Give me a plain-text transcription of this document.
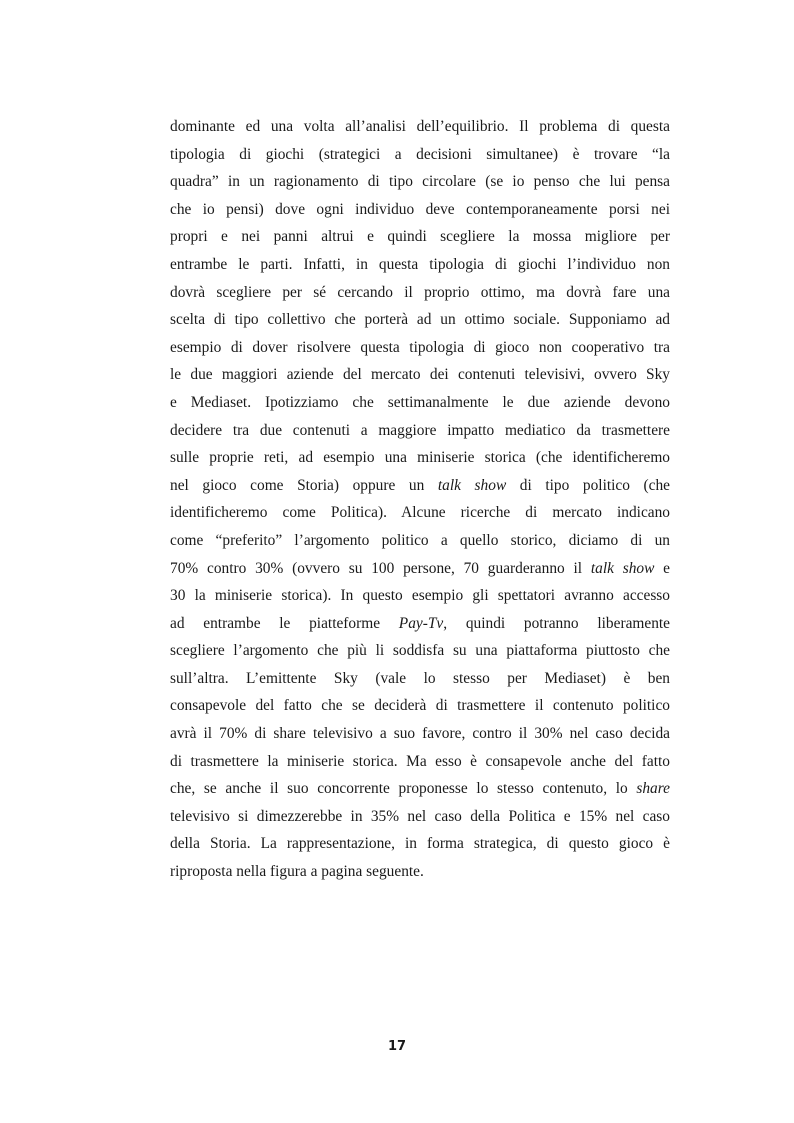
dominante ed una volta all’analisi dell’equilibrio. Il problema di questa
tipologia di giochi (strategici a decisioni simultanee) è trovare “la
quadra” in un ragionamento di tipo circolare (se io penso che lui pensa
che io pensi) dove ogni individuo deve contemporaneamente porsi nei
propri e nei panni altrui e quindi scegliere la mossa migliore per
entrambe le parti. Infatti, in questa tipologia di giochi l’individuo non
dovrà scegliere per sé cercando il proprio ottimo, ma dovrà fare una
scelta di tipo collettivo che porterà ad un ottimo sociale. Supponiamo ad
esempio di dover risolvere questa tipologia di gioco non cooperativo tra
le due maggiori aziende del mercato dei contenuti televisivi, ovvero Sky
e Mediaset. Ipotizziamo che settimanalmente le due aziende devono
decidere tra due contenuti a maggiore impatto mediatico da trasmettere
sulle proprie reti, ad esempio una miniserie storica (che identificheremo
nel gioco come Storia) oppure un talk show di tipo politico (che
identificheremo come Politica). Alcune ricerche di mercato indicano
come “preferito” l’argomento politico a quello storico, diciamo di un
70% contro 30% (ovvero su 100 persone, 70 guarderanno il talk show e
30 la miniserie storica). In questo esempio gli spettatori avranno accesso
ad entrambe le piatteforme Pay-Tv, quindi potranno liberamente
scegliere l’argomento che più li soddisfa su una piattaforma piuttosto che
sull’altra. L’emittente Sky (vale lo stesso per Mediaset) è ben
consapevole del fatto che se deciderà di trasmettere il contenuto politico
avrà il 70% di share televisivo a suo favore, contro il 30% nel caso decida
di trasmettere la miniserie storica. Ma esso è consapevole anche del fatto
che, se anche il suo concorrente proponesse lo stesso contenuto, lo share
televisivo si dimezzerebbe in 35% nel caso della Politica e 15% nel caso
della Storia. La rappresentazione, in forma strategica, di questo gioco è
riproposta nella figura a pagina seguente.
17
